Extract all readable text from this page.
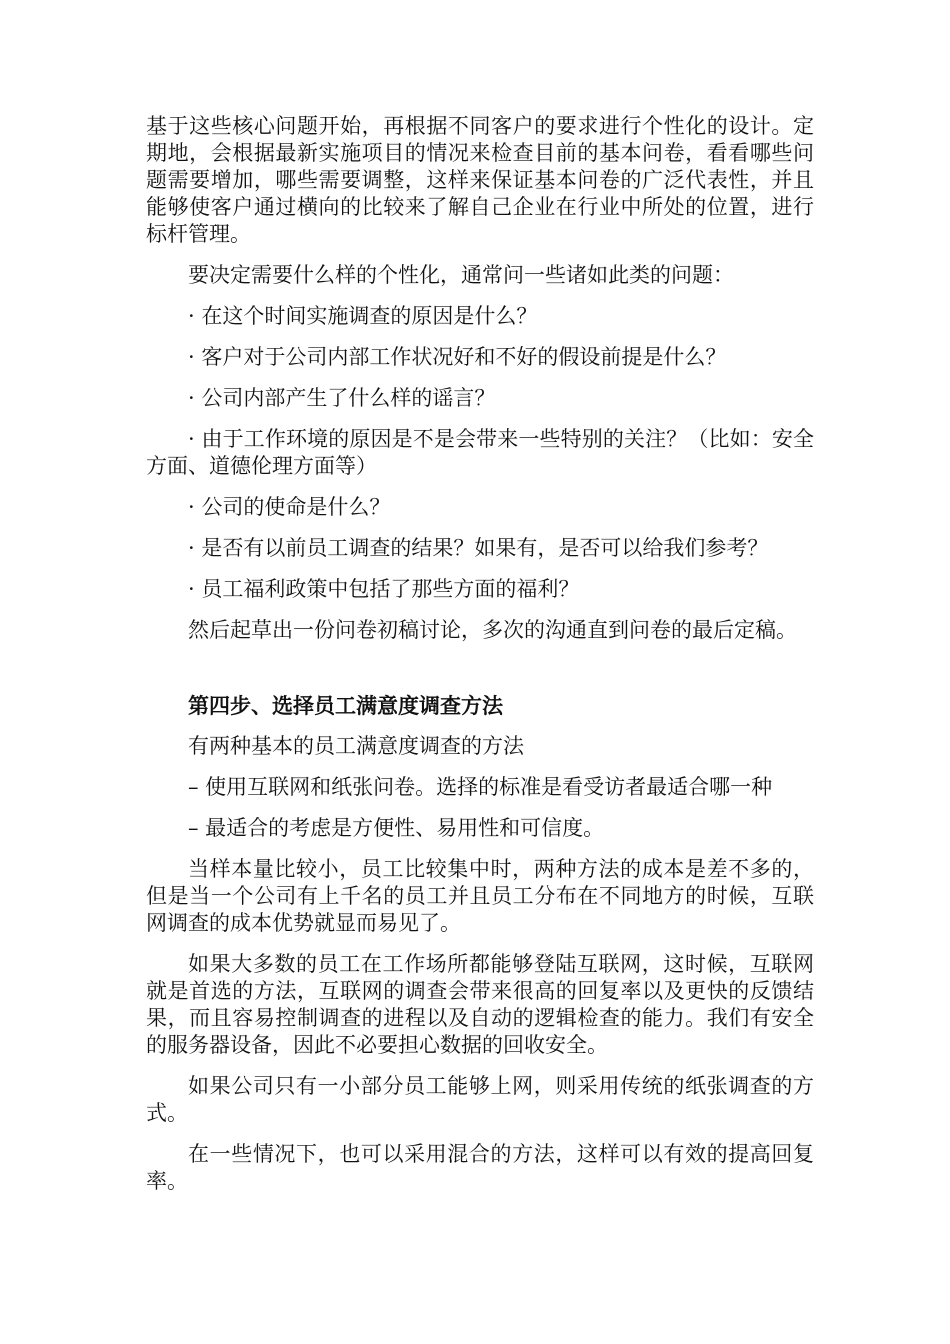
基于这些核心问题开始，再根据不同客户的要求进行个性化的设计。定期地，会根据最新实施项目的情况来检查目前的基本问卷，看看哪些问题需要增加，哪些需要调整，这样来保证基本问卷的广泛代表性，并且能够使客户通过横向的比较来了解自己企业在行业中所处的位置，进行标杆管理。

要决定需要什么样的个性化，通常问一些诸如此类的问题：

· 在这个时间实施调查的原因是什么？

· 客户对于公司内部工作状况好和不好的假设前提是什么？

· 公司内部产生了什么样的谣言？

· 由于工作环境的原因是不是会带来一些特别的关注？（比如：安全方面、道德伦理方面等）

· 公司的使命是什么？

· 是否有以前员工调查的结果？如果有，是否可以给我们参考？

· 员工福利政策中包括了那些方面的福利？

然后起草出一份问卷初稿讨论，多次的沟通直到问卷的最后定稿。

第四步、选择员工满意度调查方法

有两种基本的员工满意度调查的方法

– 使用互联网和纸张问卷。选择的标准是看受访者最适合哪一种

– 最适合的考虑是方便性、易用性和可信度。

当样本量比较小，员工比较集中时，两种方法的成本是差不多的，但是当一个公司有上千名的员工并且员工分布在不同地方的时候，互联网调查的成本优势就显而易见了。

如果大多数的员工在工作场所都能够登陆互联网，这时候，互联网就是首选的方法，互联网的调查会带来很高的回复率以及更快的反馈结果，而且容易控制调查的进程以及自动的逻辑检查的能力。我们有安全的服务器设备，因此不必要担心数据的回收安全。

如果公司只有一小部分员工能够上网，则采用传统的纸张调查的方式。

在一些情况下，也可以采用混合的方法，这样可以有效的提高回复率。
